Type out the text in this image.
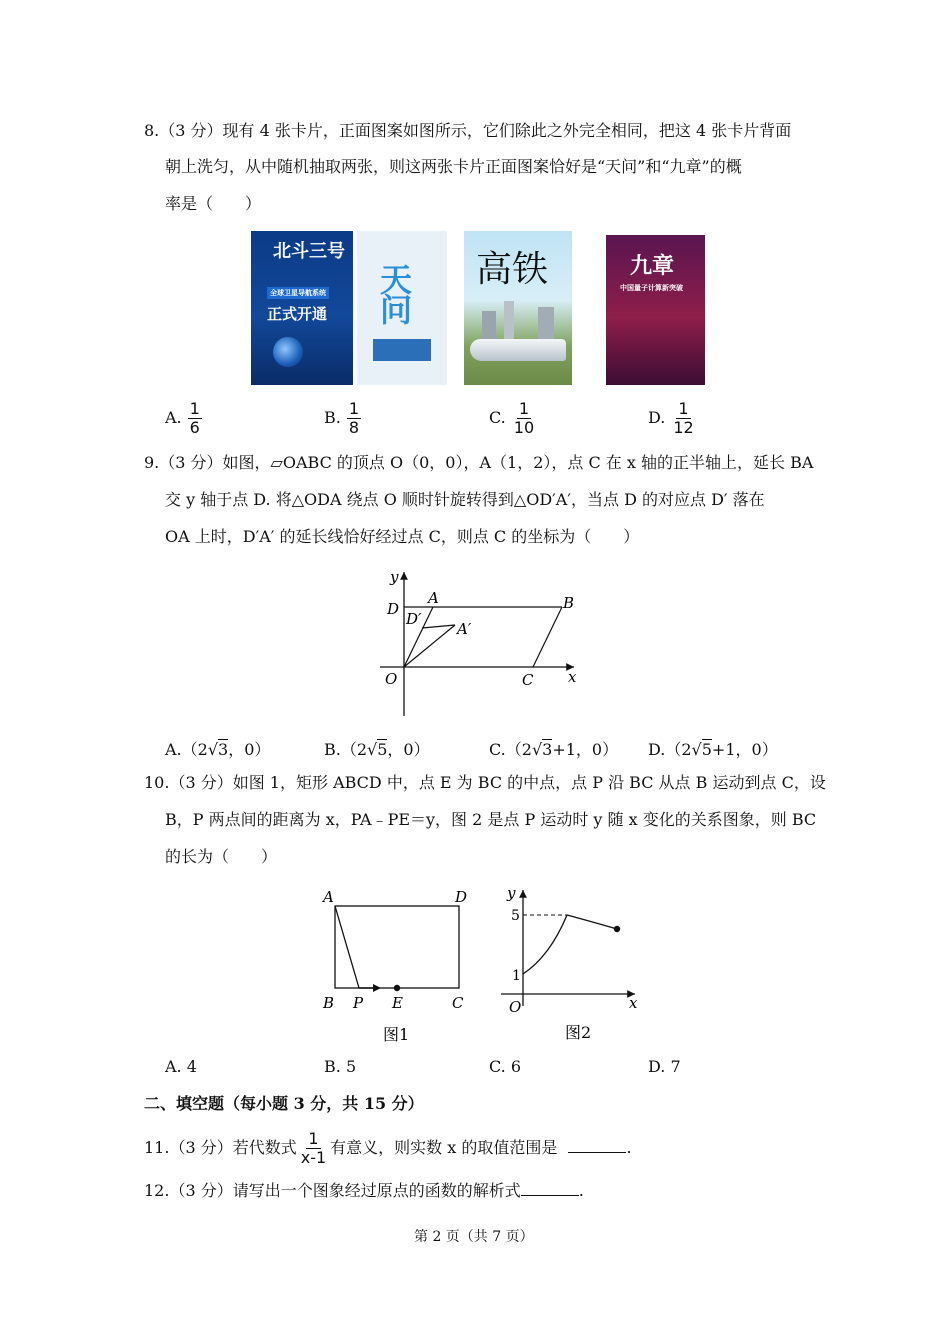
8.（3 分）现有 4 张卡片，正面图案如图所示，它们除此之外完全相同，把这 4 张卡片背面
朝上洗匀，从中随机抽取两张，则这两张卡片正面图案恰好是“天问”和“九章”的概
率是（　　）
北斗三号
全球卫星导航系统
正式开通 天问 高铁	九章
中国量子计算新突破
A. $\frac{1}{6}$	B. $\frac{1}{8}$	C. $\frac{1}{10}$	D. $\frac{1}{12}$
9.（3 分）如图，▱OABC 的顶点 O（0，0），A（1，2），点 C 在 x 轴的正半轴上，延长 BA
交 y 轴于点 D. 将△ODA 绕点 O 顺时针旋转得到△OD′A′，当点 D 的对应点 D′ 落在
OA 上时，D′A′ 的延长线恰好经过点 C，则点 C 的坐标为（　　）
D
A	B
D′
A′
O	C x
y
A.（2√3，0）	B.（2√5，0）	C.（2√3+1，0） D.（2√5+1，0）
10.（3 分）如图 1，矩形 ABCD 中，点 E 为 BC 的中点，点 P 沿 BC 从点 B 运动到点 C，设
B，P 两点间的距离为 x，PA﹣PE＝y，图 2 是点 P 运动时 y 随 x 变化的关系图象，则 BC
的长为（　　）
A	D
B P E	C
图1
y
x
O
5
1
图2
A. 4	B. 5	C. 6	D. 7
二、填空题（每小题 3 分，共 15 分）
11.（3 分）若代数式 $\frac{1}{x-1}$ 有意义，则实数 x 的取值范围是	.
12.（3 分）请写出一个图象经过原点的函数的解析式	.
第 2 页（共 7 页）
